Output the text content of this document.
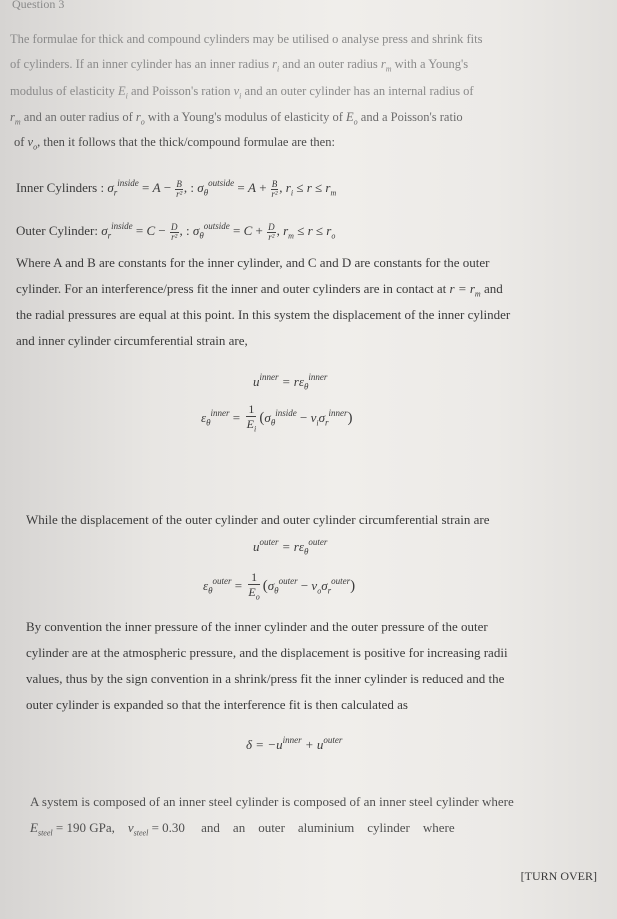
Question 3
The formulae for thick and compound cylinders may be utilised o analyse press and shrink fits
of cylinders. If an inner cylinder has an inner radius $r_i$ and an outer radius $r_m$ with a Young's
modulus of elasticity $E_i$ and Poisson's ration $v_i$ and an outer cylinder has an internal radius of
$r_m$ and an outer radius of $r_o$ with a Young's modulus of elasticity of $E_o$ and a Poisson's ratio
of $v_o$, then it follows that the thick/compound formulae are then:
Inner Cylinders : $\sigma_r^{inside} = A - \frac{B}{\text{r²}}$ , : $\sigma_\theta^{outside} = A + \frac{B}{\text{r²}}$ , $r_i \le r \le r_m$
Outer Cylinder: $\sigma_r^{inside} = C - \frac{D}{\text{r²}}$ , : $\sigma_\theta^{outside} = C + \frac{D}{\text{r²}}$ , $r_m \le r \le r_o$
Where A and B are constants for the inner cylinder, and C and D are constants for the outer
cylinder. For an interference/press fit the inner and outer cylinders are in contact at $r = r_m$ and
the radial pressures are equal at this point. In this system the displacement of the inner cylinder
and inner cylinder circumferential strain are,
$u^{inner} = r\varepsilon_\theta^{inner}$
$\varepsilon_\theta^{inner} = \frac{1}{E_i} (\sigma_\theta^{inside} - v_i\sigma_r^{inner})$
While the displacement of the outer cylinder and outer cylinder circumferential strain are
$u^{outer} = r\varepsilon_\theta^{outer}$
$\varepsilon_\theta^{outer} = \frac{1}{E_o} (\sigma_\theta^{outer} - v_o\sigma_r^{outer})$
By convention the inner pressure of the inner cylinder and the outer pressure of the outer
cylinder are at the atmospheric pressure, and the displacement is positive for increasing radii
values, thus by the sign convention in a shrink/press fit the inner cylinder is reduced and the
outer cylinder is expanded so that the interference fit is then calculated as
$\delta = -u^{inner} + u^{outer}$
A system is composed of an inner steel cylinder is composed of an inner steel cylinder where
$E_{steel} = 190$ GPa, $v_{steel} = 0.30$ and    an    outer    aluminium    cylinder    where
[TURN OVER]
